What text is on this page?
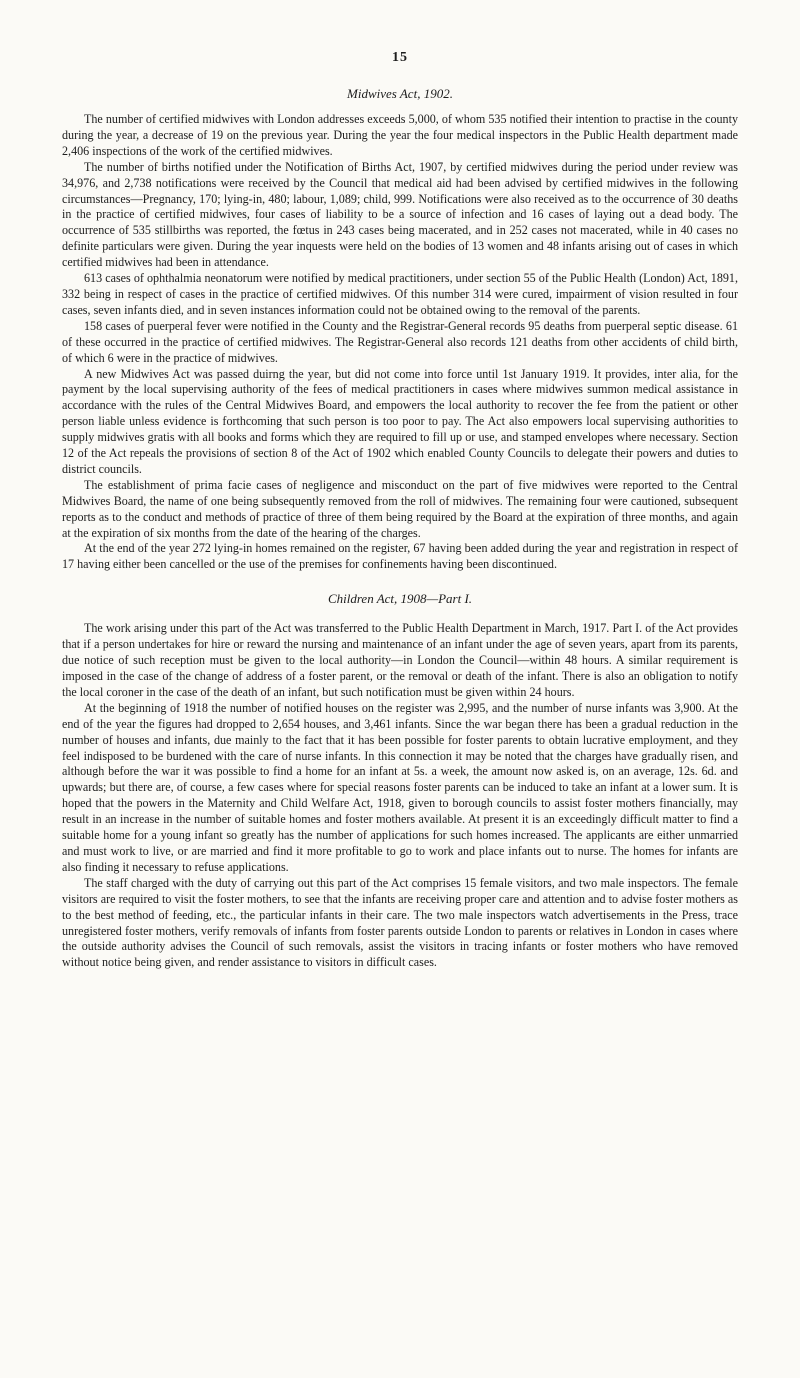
15
Midwives Act, 1902.

The number of certified midwives with London addresses exceeds 5,000, of whom 535 notified their intention to practise in the county during the year, a decrease of 19 on the previous year. During the year the four medical inspectors in the Public Health department made 2,406 inspections of the work of the certified midwives.

The number of births notified under the Notification of Births Act, 1907, by certified midwives during the period under review was 34,976, and 2,738 notifications were received by the Council that medical aid had been advised by certified midwives in the following circumstances—Pregnancy, 170; lying-in, 480; labour, 1,089; child, 999. Notifications were also received as to the occurrence of 30 deaths in the practice of certified midwives, four cases of liability to be a source of infection and 16 cases of laying out a dead body. The occurrence of 535 stillbirths was reported, the fœtus in 243 cases being macerated, and in 252 cases not macerated, while in 40 cases no definite particulars were given. During the year inquests were held on the bodies of 13 women and 48 infants arising out of cases in which certified midwives had been in attendance.

613 cases of ophthalmia neonatorum were notified by medical practitioners, under section 55 of the Public Health (London) Act, 1891, 332 being in respect of cases in the practice of certified midwives. Of this number 314 were cured, impairment of vision resulted in four cases, seven infants died, and in seven instances information could not be obtained owing to the removal of the parents.

158 cases of puerperal fever were notified in the County and the Registrar-General records 95 deaths from puerperal septic disease. 61 of these occurred in the practice of certified midwives. The Registrar-General also records 121 deaths from other accidents of child birth, of which 6 were in the practice of midwives.

A new Midwives Act was passed duirng the year, but did not come into force until 1st January 1919. It provides, inter alia, for the payment by the local supervising authority of the fees of medical practitioners in cases where midwives summon medical assistance in accordance with the rules of the Central Midwives Board, and empowers the local authority to recover the fee from the patient or other person liable unless evidence is forthcoming that such person is too poor to pay. The Act also empowers local supervising authorities to supply midwives gratis with all books and forms which they are required to fill up or use, and stamped envelopes where necessary. Section 12 of the Act repeals the provisions of section 8 of the Act of 1902 which enabled County Councils to delegate their powers and duties to district councils.

The establishment of prima facie cases of negligence and misconduct on the part of five midwives were reported to the Central Midwives Board, the name of one being subsequently removed from the roll of midwives. The remaining four were cautioned, subsequent reports as to the conduct and methods of practice of three of them being required by the Board at the expiration of three months, and again at the expiration of six months from the date of the hearing of the charges.

At the end of the year 272 lying-in homes remained on the register, 67 having been added during the year and registration in respect of 17 having either been cancelled or the use of the premises for confinements having been discontinued.

Children Act, 1908—Part I.

The work arising under this part of the Act was transferred to the Public Health Department in March, 1917. Part I. of the Act provides that if a person undertakes for hire or reward the nursing and maintenance of an infant under the age of seven years, apart from its parents, due notice of such reception must be given to the local authority—in London the Council—within 48 hours. A similar requirement is imposed in the case of the change of address of a foster parent, or the removal or death of the infant. There is also an obligation to notify the local coroner in the case of the death of an infant, but such notification must be given within 24 hours.

At the beginning of 1918 the number of notified houses on the register was 2,995, and the number of nurse infants was 3,900. At the end of the year the figures had dropped to 2,654 houses, and 3,461 infants. Since the war began there has been a gradual reduction in the number of houses and infants, due mainly to the fact that it has been possible for foster parents to obtain lucrative employment, and they feel indisposed to be burdened with the care of nurse infants. In this connection it may be noted that the charges have gradually risen, and although before the war it was possible to find a home for an infant at 5s. a week, the amount now asked is, on an average, 12s. 6d. and upwards; but there are, of course, a few cases where for special reasons foster parents can be induced to take an infant at a lower sum. It is hoped that the powers in the Maternity and Child Welfare Act, 1918, given to borough councils to assist foster mothers financially, may result in an increase in the number of suitable homes and foster mothers available. At present it is an exceedingly difficult matter to find a suitable home for a young infant so greatly has the number of applications for such homes increased. The applicants are either unmarried and must work to live, or are married and find it more profitable to go to work and place infants out to nurse. The homes for infants are also finding it necessary to refuse applications.

The staff charged with the duty of carrying out this part of the Act comprises 15 female visitors, and two male inspectors. The female visitors are required to visit the foster mothers, to see that the infants are receiving proper care and attention and to advise foster mothers as to the best method of feeding, etc., the particular infants in their care. The two male inspectors watch advertisements in the Press, trace unregistered foster mothers, verify removals of infants from foster parents outside London to parents or relatives in London in cases where the outside authority advises the Council of such removals, assist the visitors in tracing infants or foster mothers who have removed without notice being given, and render assistance to visitors in difficult cases.
